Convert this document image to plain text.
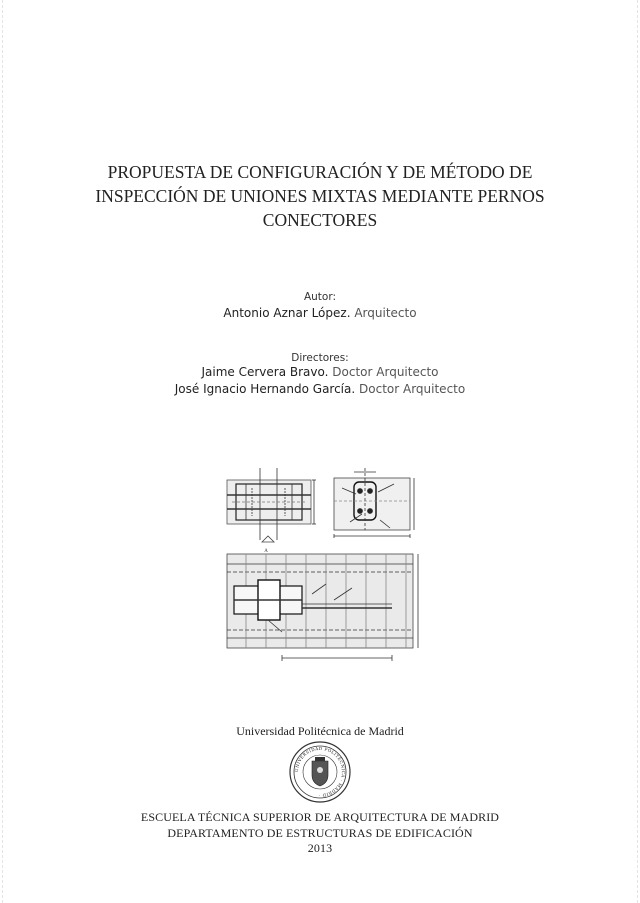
PROPUESTA DE CONFIGURACIÓN Y DE MÉTODO DE
INSPECCIÓN DE UNIONES MIXTAS MEDIANTE PERNOS
CONECTORES
Autor:
Antonio Aznar López. Arquitecto
Directores:
Jaime Cervera Bravo. Doctor Arquitecto
José Ignacio Hernando García. Doctor Arquitecto
A
Universidad Politécnica de Madrid
UNIVERSIDAD POLITÉCNICA · MADRID ·
ESCUELA TÉCNICA SUPERIOR DE ARQUITECTURA DE MADRID
DEPARTAMENTO DE ESTRUCTURAS DE EDIFICACIÓN
2013
